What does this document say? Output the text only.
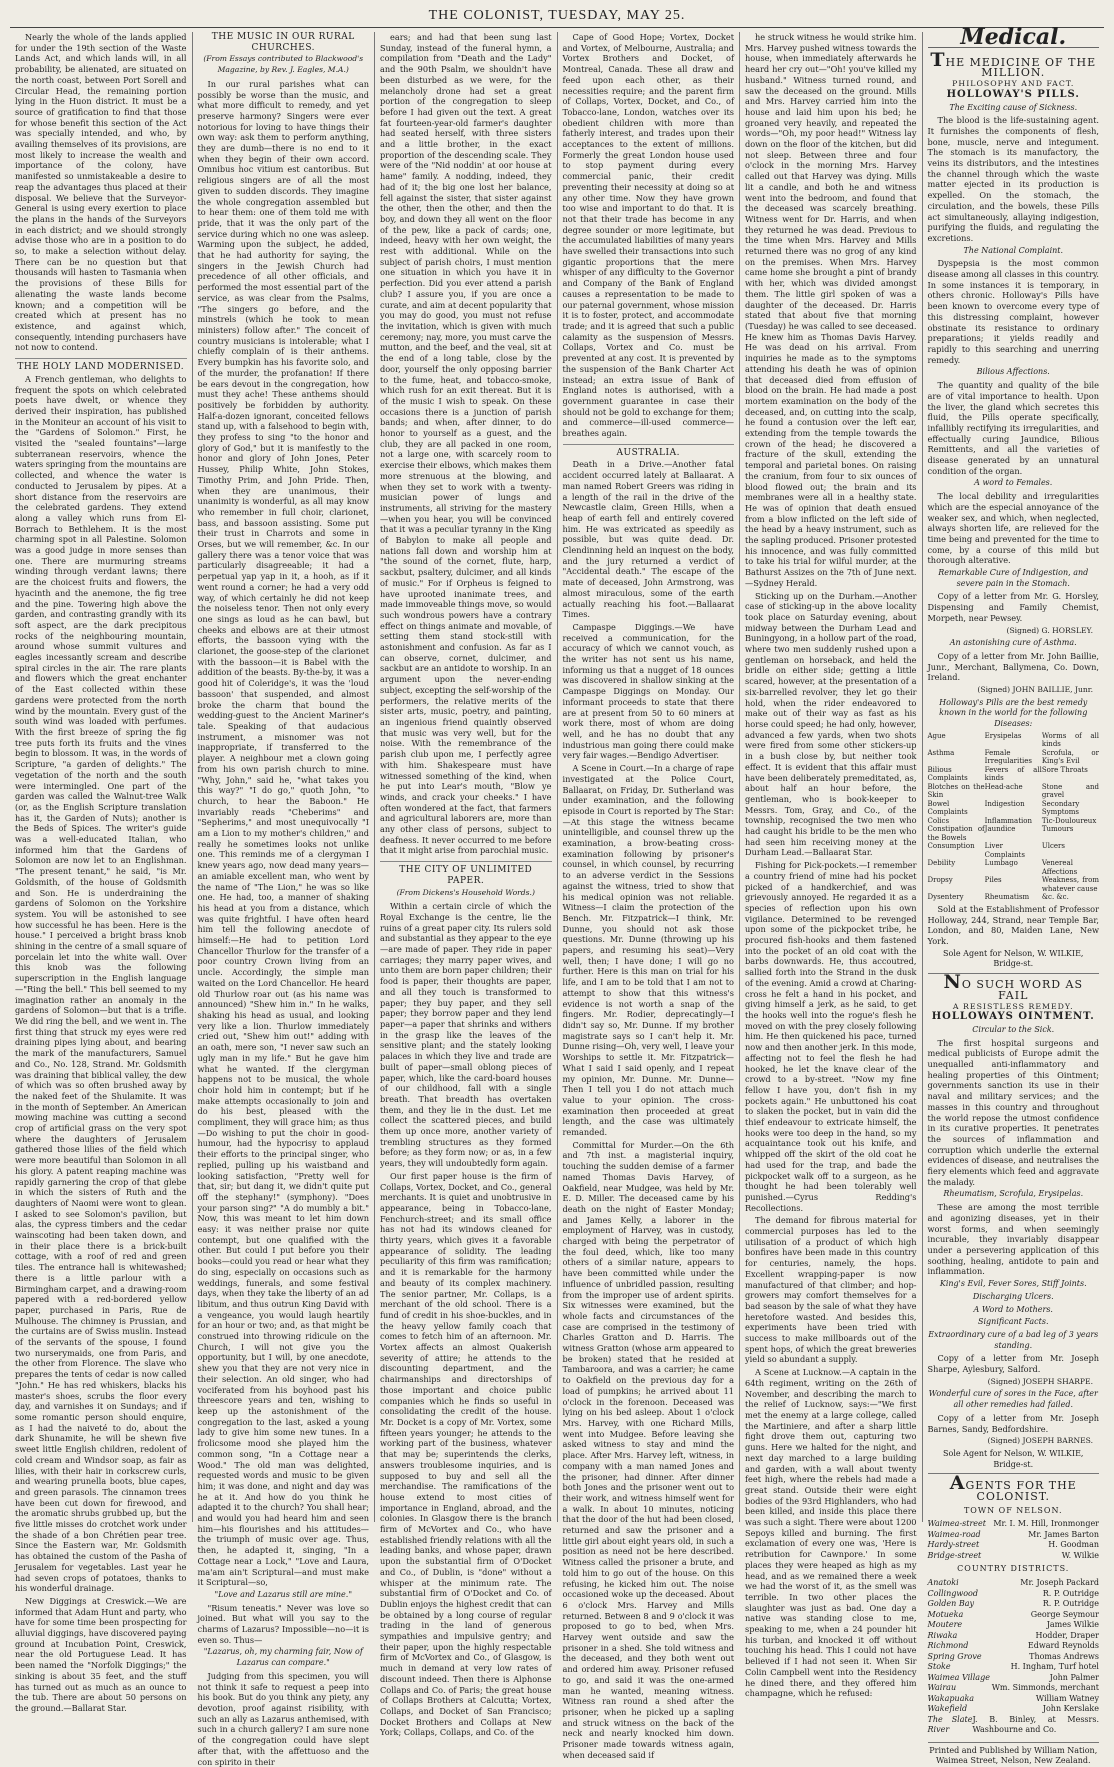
THE COLONIST, TUESDAY, MAY 25.

Nearly the whole of the lands applied for under the 19th section of the Waste Lands Act, and which lands will, in all probability, be alienated, are situated on the north coast, between Port Sorell and Circular Head, the remaining portion lying in the Huon district. It must be a source of gratification to find that those for whose benefit this section of the Act was specially intended, and who, by availing themselves of its provisions, are most likely to increase the wealth and importance of the colony, have manifested so unmistakeable a desire to reap the advantages thus placed at their disposal. We believe that the Surveyor-General is using every exertion to place the plans in the hands of the Surveyors in each district; and we should strongly advise those who are in a position to do so, to make a selection without delay. There can be no question but that thousands will hasten to Tasmania when the provisions of these Bills for alienating the waste lands become known; and a competition will be created which at present has no existence, and against which, consequently, intending purchasers have not now to contend.

THE HOLY LAND MODERNISED.

A French gentleman, who delights to frequent the spots on which celebrated poets have dwelt, or whence they derived their inspiration, has published in the Moniteur an account of his visit to the "Gardens of Solomon." First, he visited the "sealed fountains"—large subterranean reservoirs, whence the waters springing from the mountains are collected, and whence the water is conducted to Jerusalem by pipes. At a short distance from the reservoirs are the celebrated gardens. They extend along a valley which runs from El-Borrach to Bethlehem. It is the most charming spot in all Palestine. Solomon was a good judge in more senses than one. There are murmuring streams winding through verdant lawns; there are the choicest fruits and flowers, the hyacinth and the anemone, the fig tree and the pine. Towering high above the garden, and contrasting grandly with its soft aspect, are the dark precipitous rocks of the neighbouring mountain, around whose summit vultures and eagles incessantly scream and describe spiral circles in the air. The rare plants and flowers which the great enchanter of the East collected within these gardens were protected from the north wind by the mountain. Every gust of the south wind was loaded with perfumes. With the first breeze of spring the fig tree puts forth its fruits and the vines begin to blossom. It was, in the words of Scripture, "a garden of delights." The vegetation of the north and the south were intermingled. One part of the garden was called the Walnut-tree Walk (or, as the English Scripture translation has it, the Garden of Nuts); another is the Beds of Spices. The writer's guide was a well-educated Italian, who informed him that the Gardens of Solomon are now let to an Englishman. "The present tenant," he said, "is Mr. Goldsmith, of the house of Goldsmith and Son. He is underdraining the gardens of Solomon on the Yorkshire system. You will be astonished to see how successful he has been. Here is the house." I perceived a bright brass knob shining in the centre of a small square of porcelain let into the white wall. Over this knob was the following superscription in the English language—"Ring the bell." This bell seemed to my imagination rather an anomaly in the gardens of Solomon—but that is a trifle. We did ring the bell, and we went in. The first thing that struck my eyes were red draining pipes lying about, and bearing the mark of the manufacturers, Samuel and Co., No. 128, Strand. Mr. Goldsmith was draining that biblical valley, the dew of which was so often brushed away by the naked feet of the Shulamite. It was in the month of September. An American mowing machine was cutting a second crop of artificial grass on the very spot where the daughters of Jerusalem gathered those lilies of the field which were more beautiful than Solomon in all his glory. A patent reaping machine was rapidly garnering the crop of that glebe in which the sisters of Ruth and the daughters of Naomi were wont to glean. I asked to see Solomon's pavilion, but alas, the cypress timbers and the cedar wainscoting had been taken down, and in their place there is a brick-built cottage, with a roof of red and green tiles. The entrance hall is whitewashed; there is a little parlour with a Birmingham carpet, and a drawing-room papered with a red-bordered yellow paper, purchased in Paris, Rue de Mulhouse. The chimney is Prussian, and the curtains are of Swiss muslin. Instead of the servants of the spouse, I found two nurserymaids, one from Paris, and the other from Florence. The slave who prepares the tents of cedar is now called "John." He has red whiskers, blacks his master's shoes, scrubs the floor every day, and varnishes it on Sundays; and if some romantic person should enquire, as I had the naiveté to do, about the dark Shunamite, he will be shewn five sweet little English children, redolent of cold cream and Windsor soap, as fair as lilies, with their hair in corkscrew curls, and wearing prunella boots, blue capes, and green parasols. The cinnamon trees have been cut down for firewood, and the aromatic shrubs grubbed up, but the five little misses do crotchet work under the shade of a bon Chrétien pear tree. Since the Eastern war, Mr. Goldsmith has obtained the custom of the Pasha of Jerusalem for vegetables. Last year he had seven crops of potatoes, thanks to his wonderful drainage.

New Diggings at Creswick.—We are informed that Adam Hunt and party, who have for some time been prospecting for alluvial diggings, have discovered paying ground at Incubation Point, Creswick, near the old Portuguese Lead. It has been named the "Norfolk Diggings;" the sinking is about 35 feet, and the stuff has turned out as much as an ounce to the tub. There are about 50 persons on the ground.—Ballarat Star.

THE MUSIC IN OUR RURAL CHURCHES.
(From Essays contributed to Blackwood's Magazine, by Rev. J. Eagles, M.A.)

In our rural parishes what can possibly be worse than the music, and what more difficult to remedy, and yet preserve harmony? Singers were ever notorious for loving to have things their own way: ask them to perform anything, they are dumb—there is no end to it when they begin of their own accord. Omnibus hoc vitium est cantoribus. But religious singers are of all the most given to sudden discords. They imagine the whole congregation assembled but to hear them: one of them told me with pride, that it was the only part of the service during which no one was asleep. Warming upon the subject, he added, that he had authority for saying, the singers in the Jewish Church had precedence of all other officials, and performed the most essential part of the service, as was clear from the Psalms, "The singers go before, and the minstrels (which he took to mean ministers) follow after." The conceit of country musicians is intolerable; what I chiefly complain of is their anthems. Every bumpkin has his favorite solo, and of the murder, the profanation! If there be ears devout in the congregation, how must they ache! These anthems should positively be forbidden by authority. Half-a-dozen ignorant, conceited fellows stand up, with a falsehood to begin with, they profess to sing "to the honor and glory of God," but it is manifestly to the honor and glory of John Jones, Peter Hussey, Philip White, John Stokes, Timothy Prim, and John Pride. Then, when they are unanimous, their unanimity is wonderful, as all may know who remember in full choir, clarionet, bass, and bassoon assisting. Some put their trust in Charrots and some in Orses, but we will remember, &c. In our gallery there was a tenor voice that was particularly disagreeable; it had a perpetual yap yap in it, a hooh, as if it went round a corner; he had a very odd way, of which certainly he did not keep the noiseless tenor. Then not only every one sings as loud as he can bawl, but cheeks and elbows are at their utmost efforts, the bassoon vying with the clarionet, the goose-step of the clarionet with the bassoon—it is Babel with the addition of the beasts. By-the-by, it was a good hit of Coleridge's, it was the 'loud bassoon' that suspended, and almost broke the charm that bound the wedding-guest to the Ancient Mariner's tale. Speaking of that audacious instrument, a misnomer was not inappropriate, if transferred to the player. A neighbour met a clown going from his own parish church to mine. "Why, John," said he, "what takes you this way?" "I do go," quoth John, "to church, to hear the Baboon." He invariably reads "Cheberims" and "Sepherims," and most unequivocally "I am a Lion to my mother's children," and really he sometimes looks not unlike one. This reminds me of a clergyman I knew years ago, now dead many years—an amiable excellent man, who went by the name of "The Lion," he was so like one. He had, too, a manner of shaking his head at you from a distance, which was quite frightful. I have often heard him tell the following anecdote of himself:—He had to petition Lord Chancellor Thurlow for the transfer of a poor country Crown living from an uncle. Accordingly, the simple man waited on the Lord Chancellor. He heard old Thurlow roar out (as his name was announced) "Shew him in." In he walks, shaking his head as usual, and looking very like a lion. Thurlow immediately cried out, "Shew him out!" adding with an oath, mere son, "I never saw such an ugly man in my life." But he gave him what he wanted. If the clergyman happens not to be musical, the whole choir hold him in contempt; but if he make attempts occasionally to join and do his best, pleased with the compliment, they will grace him; as thus—Do wishing to put the choir in good-humour, had the hypocrisy to applaud their efforts to the principal singer, who replied, pulling up his waistband and looking satisfaction, "Pretty well for that, sir; but dang it, we didn't quite put off the stephany!" (symphony). "Does your parson sing?" "A do mumbly a bit." Now, this was meant to let him down easy: it was neither praise nor quite contempt, but one qualified with the other. But could I put before you their books—could you read or hear what they do sing, especially on occasions such as weddings, funerals, and some festival days, when they take the liberty of an ad libitum, and thus outrun King David with a vengeance, you would laugh heartily for an hour or two; and, as that might be construed into throwing ridicule on the Church, I will not give you the opportunity, but I will, by one anecdote, shew you that they are not very nice in their selection. An old singer, who had vociferated from his boyhood past his threescore years and ten, wishing to keep up the astonishment of the congregation to the last, asked a young lady to give him some new tunes. In a frolicsome mood she played him the common song, "In a Cottage near a Wood." The old man was delighted, requested words and music to be given him; it was done, and night and day was he at it. And how do you think he adapted it to the church? You shall hear; and would you had heard him and seen him—his flourishes and his attitudes—the triumph of music over age. Thus, then, he adapted it, singing, "In a Cottage near a Lock," "Love and Laura, ma'am ain't Scriptural—and must make it Scriptural—so,

"Love and Lazarus still are mine."

"Risum teneatis." Never was love so joined. But what will you say to the charms of Lazarus? Impossible—no—it is even so. Thus—

"Lazarus, oh, my charming fair, Now of Lazarus can compare."

Judging from this specimen, you will not think it safe to request a peep into his book. But do you think any piety, any devotion, proof against risibility, with such an ally as Lazarus anthemised, with such in a church gallery? I am sure none of the congregation could have slept after that, with the affettuoso and the con spirito in their

ears; and had that been sung last Sunday, instead of the funeral hymn, a compilation from "Death and the Lady" and the 90th Psalm, we shouldn't have been disturbed as we were, for the melancholy drone had set a great portion of the congregation to sleep before I had given out the text. A great fat fourteen-year-old farmer's daughter had seated herself, with three sisters and a little brother, in the exact proportion of the descending scale. They were of the "Nid noddin' at oor house at hame" family. A nodding, indeed, they had of it; the big one lost her balance, fell against the sister, that sister against the other, then the other, and then the boy, and down they all went on the floor of the pew, like a pack of cards; one, indeed, heavy with her own weight, the rest with additional. While on the subject of parish choirs, I must mention one situation in which you have it in perfection. Did you ever attend a parish club? I assure you, if you are once a curate, and aim at decent popularity that you may do good, you must not refuse the invitation, which is given with much ceremony; nay, more, you must carve the mutton, and the beef, and the veal, sit at the end of a long table, close by the door, yourself the only opposing barrier to the fume, heat, and tobacco-smoke, which rush for an exit thereat. But it is of the music I wish to speak. On these occasions there is a junction of parish bands; and when, after dinner, to do honor to yourself as a guest, and the club, they are all packed in one room, not a large one, with scarcely room to exercise their elbows, which makes them more strenuous at the blowing, and when they set to work with a twenty-musician power of lungs and instruments, all striving for the mastery—when you hear, you will be convinced that it was a peculiar tyranny in the King of Babylon to make all people and nations fall down and worship him at "the sound of the cornet, flute, harp, sackbut, psaltery, dulcimer, and all kinds of music." For if Orpheus is feigned to have uprooted inanimate trees, and made immoveable things move, so would such wondrous powers have a contrary effect on things animate and movable, of setting them stand stock-still with astonishment and confusion. As far as I can observe, cornet, dulcimer, and sackbut are an antidote to worship. In an argument upon the never-ending subject, excepting the self-worship of the performers, the relative merits of the sister arts, music, poetry, and painting, an ingenious friend quaintly observed that music was very well, but for the noise. With the remembrance of the parish club upon me, I perfectly agree with him. Shakespeare must have witnessed something of the kind, when he put into Lear's mouth, "Blow ye winds, and crack your cheeks." I have often wondered at the fact, that farmers and agricultural laborers are, more than any other class of persons, subject to deafness. It never occurred to me before that it might arise from parochial music.

THE CITY OF UNLIMITED PAPER.
(From Dickens's Household Words.)

Within a certain circle of which the Royal Exchange is the centre, lie the ruins of a great paper city. Its rulers sold and substantial as they appear to the eye—are made of paper. They ride in paper carriages; they marry paper wives, and unto them are born paper children; their food is paper, their thoughts are paper, and all they touch is transformed to paper; they buy paper, and they sell paper; they borrow paper and they lend paper—a paper that shrinks and withers in the grasp like the leaves of the sensitive plant; and the stately looking palaces in which they live and trade are built of paper—small oblong pieces of paper, which, like the card-board houses of our childhood, fall with a single breath. That breadth has overtaken them, and they lie in the dust. Let me collect the scattered pieces, and build them up once more, another variety of trembling structures as they formed before; as they form now; or as, in a few years, they will undoubtedly form again.

Our first paper house is the firm of Collaps, Vortex, Docket, and Co., general merchants. It is quiet and unobtrusive in appearance, being in Tobacco-lane, Fenchurch-street; and its small office has not had its windows cleaned for thirty years, which gives it a favorable appearance of solidity. The leading peculiarity of this firm was ramification; and it is remarkable for the harmony and beauty of its complex machinery. The senior partner, Mr. Collaps, is a merchant of the old school. There is a fund of credit in his shoe-buckles, and in the heavy yellow family coach that comes to fetch him of an afternoon. Mr. Vortex affects an almost Quakerish severity of attire; he attends to the discounting department, and the chairmanships and directorships of those important and choice public companies which he finds so useful in consolidating the credit of the house. Mr. Docket is a copy of Mr. Vortex, some fifteen years younger; he attends to the working part of the business, whatever that may be; superintends the clerks, answers troublesome inquiries, and is supposed to buy and sell all the merchandise. The ramifications of the house extend to most cities of importance in England, abroad, and the colonies. In Glasgow there is the branch firm of McVortex and Co., who have established friendly relations with all the leading banks, and whose paper, drawn upon the substantial firm of O'Docket and Co., of Dublin, is "done" without a whisper at the minimum rate. The substantial firm of O'Docket and Co. of Dublin enjoys the highest credit that can be obtained by a long course of regular trading in the land of generous sympathies and impulsive gentry; and their paper, upon the highly respectable firm of McVortex and Co., of Glasgow, is much in demand at very low rates of discount indeed. Then there is Alphonse Collaps and Co. of Paris; the great house of Collaps Brothers at Calcutta; Vortex, Collaps, and Docket of San Francisco; Docket Brothers and Collaps at New York; Collaps, Collaps, and Co. of the

Cape of Good Hope; Vortex, Docket and Vortex, of Melbourne, Australia; and Vortex Brothers and Docket, of Montreal, Canada. These all draw and feed upon each other, as their necessities require; and the parent firm of Collaps, Vortex, Docket, and Co., of Tobacco-lane, London, watches over its obedient children with more than fatherly interest, and trades upon their acceptances to the extent of millions. Formerly the great London house used to stop payment during every commercial panic, their credit preventing their necessity at doing so at any other time. Now they have grown too wise and important to do that. It is not that their trade has become in any degree sounder or more legitimate, but the accumulated liabilities of many years have swelled their transactions into such gigantic proportions that the mere whisper of any difficulty to the Governor and Company of the Bank of England causes a representation to be made to our paternal government, whose mission it is to foster, protect, and accommodate trade; and it is agreed that such a public calamity as the suspension of Messrs. Collaps, Vortex and Co. must be prevented at any cost. It is prevented by the suspension of the Bank Charter Act instead; an extra issue of Bank of England notes is authorised, with a government guarantee in case their should not be gold to exchange for them; and commerce—ill-used commerce—breathes again.

AUSTRALIA.

Death in a Drive.—Another fatal accident occurred lately at Ballaarat. A man named Robert Greers was riding in a length of the rail in the drive of the Newcastle claim, Green Hills, when a heap of earth fell and entirely covered him. He was extricated as speedily as possible, but was quite dead. Dr. Clendinning held an inquest on the body, and the jury returned a verdict of "Accidental death." The escape of the mate of deceased, John Armstrong, was almost miraculous, some of the earth actually reaching his foot.—Ballaarat Times.

Campaspe Diggings.—We have received a communication, for the accuracy of which we cannot vouch, as the writer has not sent us his name, informing us that a nugget of 18 ounces was discovered in shallow sinking at the Campaspe Diggings on Monday. Our informant proceeds to state that there are at present from 50 to 60 miners at work there, most of whom are doing well, and he has no doubt that any industrious man going there could make very fair wages.—Bendigo Advertiser.

A Scene in Court.—In a charge of rape investigated at the Police Court, Ballaarat, on Friday, Dr. Sutherland was under examination, and the following episode in Court is reported by The Star:—At this stage the witness became unintelligible, and counsel threw up the examination, a brow-beating cross-examination following by prisoner's counsel, in which counsel, by recurring to an adverse verdict in the Sessions against the witness, tried to show that his medical opinion was not reliable. Witness—I claim the protection of the Bench. Mr. Fitzpatrick—I think, Mr. Dunne, you should not ask those questions. Mr. Dunne (throwing up his papers, and resuming his seat)—Very well, then; I have done; I will go no further. Here is this man on trial for his life, and I am to be told that I am not to attempt to show that this witness's evidence is not worth a snap of the fingers. Mr. Rodier, deprecatingly—I didn't say so, Mr. Dunne. If my brother magistrate says so I can't help it. Mr. Dunne rising—Oh, very well, I leave your Worships to settle it. Mr. Fitzpatrick—What I said I said openly, and I repeat my opinion, Mr. Dunne. Mr. Dunne—Then I tell you I do not attach much value to your opinion. The cross-examination then proceeded at great length, and the case was ultimately remanded.

Committal for Murder.—On the 6th and 7th inst. a magisterial inquiry, touching the sudden demise of a farmer named Thomas Davis Harvey, of Oakfield, near Mudgee, was held by Mr. E. D. Miller. The deceased came by his death on the night of Easter Monday; and James Kelly, a laborer in the employment of Harvey, was in custody, charged with being the perpetrator of the foul deed, which, like too many others of a similar nature, appears to have been committed while under the influence of unbridled passion, resulting from the improper use of ardent spirits. Six witnesses were examined, but the whole facts and circumstances of the case are comprised in the testimony of Charles Gratton and D. Harris. The witness Gratton (whose arm appeared to be broken) stated that he resided at Tambaroora, and was a carrier; he came to Oakfield on the previous day for a load of pumpkins; he arrived about 11 o'clock in the forenoon. Deceased was lying on his bed asleep. About 1 o'clock Mrs. Harvey, with one Richard Mills, went into Mudgee. Before leaving she asked witness to stay and mind the place. After Mrs. Harvey left, witness, in company with a man named Jones and the prisoner, had dinner. After dinner both Jones and the prisoner went out to their work, and witness himself went for a walk. In about 10 minutes, noticing that the door of the hut had been closed, returned and saw the prisoner and a little girl about eight years old, in such a position as need not be here described. Witness called the prisoner a brute, and told him to go out of the house. On this refusing, he kicked him out. The noise occasioned woke up the deceased. About 6 o'clock Mrs. Harvey and Mills returned. Between 8 and 9 o'clock it was proposed to go to bed, when Mrs. Harvey went outside and saw the prisoner in a shed. She told witness and the deceased, and they both went out and ordered him away. Prisoner refused to go, and said it was the one-armed man he wanted, meaning witness. Witness ran round a shed after the prisoner, when he picked up a sapling and struck witness on the back of the neck and nearly knocked him down. Prisoner made towards witness again, when deceased said if

he struck witness he would strike him. Mrs. Harvey pushed witness towards the house, when immediately afterwards he heard her cry out—"Oh! you've killed my husband." Witness turned round, and saw the deceased on the ground. Mills and Mrs. Harvey carried him into the house and laid him upon his bed; he groaned very heavily, and repeated the words—"Oh, my poor head!" Witness lay down on the floor of the kitchen, but did not sleep. Between three and four o'clock in the morning Mrs. Harvey called out that Harvey was dying. Mills lit a candle, and both he and witness went into the bedroom, and found that the deceased was scarcely breathing. Witness went for Dr. Harris, and when they returned he was dead. Previous to the time when Mrs. Harvey and Mills returned there was no grog of any kind on the premises. When Mrs. Harvey came home she brought a pint of brandy with her, which was divided amongst them. The little girl spoken of was a daughter of the deceased. Dr. Harris stated that about five that morning (Tuesday) he was called to see deceased. He knew him as Thomas Davis Harvey. He was dead on his arrival. From inquiries he made as to the symptoms attending his death he was of opinion that deceased died from effusion of blood on the brain. He had made a post mortem examination on the body of the deceased, and, on cutting into the scalp, he found a contusion over the left ear, extending from the temple towards the crown of the head; he discovered a fracture of the skull, extending the temporal and parietal bones. On raising the cranium, from four to six ounces of blood flowed out; the brain and its membranes were all in a healthy state. He was of opinion that death ensued from a blow inflicted on the left side of the head by a heavy instrument, such as the sapling produced. Prisoner protested his innocence, and was fully committed to take his trial for wilful murder, at the Bathurst Assizes on the 7th of June next.—Sydney Herald.

Sticking up on the Durham.—Another case of sticking-up in the above locality took place on Saturday evening, about midway between the Durham Lead and Buningyong, in a hollow part of the road, where two men suddenly rushed upon a gentleman on horseback, and held the bridle on either side; getting a little scared, however, at the presentation of a six-barrelled revolver, they let go their hold, when the rider endeavored to make out of their way as fast as his horse could speed; he had only, however, advanced a few yards, when two shots were fired from some other stickers-up in a bush close by, but neither took effect. It is evident that this affair must have been deliberately premeditated, as, about half an hour before, the gentleman, who is book-keeper to Messrs. Tom, Gray, and Co., of the township, recognised the two men who had caught his bridle to be the men who had seen him receiving money at the Durham Lead.—Ballaarat Star.

Fishing for Pick-pockets.—I remember a country friend of mine had his pocket picked of a handkerchief, and was grievously annoyed. He regarded it as a species of reflection upon his own vigilance. Determined to be revenged upon some of the pickpocket tribe, he procured fish-hooks and them fastened into the pocket of an old coat with the barbs downwards. He, thus accoutred, sallied forth into the Strand in the dusk of the evening. Amid a crowd at Charing-cross he felt a hand in his pocket, and giving himself a jerk, as he said, to get the hooks well into the rogue's flesh he moved on with the prey closely following him. He then quickened his pace, turned now and then another jerk. In this mode, affecting not to feel the flesh he had hooked, he let the knave clear of the crowd to a by-street. "Now my fine fellow I have you, don't fish in my pockets again." He unbuttoned his coat to slaken the pocket, but in vain did the thief endeavour to extricate himself, the hooks were too deep in the hand, so my acquaintance took out his knife, and whipped off the skirt of the old coat he had used for the trap, and bade the pickpocket walk off to a surgeon, as he thought he had been tolerably well punished.—Cyrus Redding's Recollections.

The demand for fibrous material for commercial purposes has led to the utilisation of a product of which high bonfires have been made in this country for centuries, namely, the hops. Excellent wrapping-paper is now manufactured of that climber; and hop-growers may comfort themselves for a bad season by the sale of what they have heretofore wasted. And besides this, experiments have been tried with success to make millboards out of the spent hops, of which the great breweries yield so abundant a supply.

A Scene at Lucknow.—A captain in the 64th regiment, writing on the 26th of November, and describing the march to the relief of Lucknow, says:—"We first met the enemy at a large college, called the Martiniere, and after a sharp little fight drove them out, capturing two guns. Here we halted for the night, and next day marched to a large building and garden, with a wall about twenty feet high, where the rebels had made a great stand. Outside their were eight bodies of the 93rd Highlanders, who had been killed, and inside this place there was such a sight. There were about 1200 Sepoys killed and burning. The first exclamation of every one was, 'Here is retribution for Cawnpore.' In some places they were heaped as high as my head, and as we remained there a week we had the worst of it, as the smell was terrible. In two other places the slaughter was just as bad. One day a native was standing close to me, speaking to me, when a 24 pounder hit his turban, and knocked it off without touching his head. This I could not have believed if I had not seen it. When Sir Colin Campbell went into the Residency he dined there, and they offered him champagne, which he refused:

Medical.
THE MEDICINE OF THE MILLION.
PHILOSOPHY AND FACT.
HOLLOWAY'S PILLS.
The Exciting cause of Sickness.

The blood is the life-sustaining agent. It furnishes the components of flesh, bone, muscle, nerve and integument. The stomach is its manufactory, the veins its distributors, and the intestines the channel through which the waste matter ejected in its production is expelled. On the stomach, the circulation, and the bowels, these Pills act simultaneously, allaying indigestion, purifying the fluids, and regulating the excretions.

The National Complaint.

Dyspepsia is the most common disease among all classes in this country. In some instances it is temporary, in others chronic. Holloway's Pills have been known to overcome every type of this distressing complaint, however obstinate its resistance to ordinary preparations; it yields readily and rapidly to this searching and unerring remedy.

Bilious Affections.

The quantity and quality of the bile are of vital importance to health. Upon the liver, the gland which secretes this fluid, the Pills operate specifically, infallibly rectifying its irregularities, and effectually curing Jaundice, Bilious Remittents, and all the varieties of disease generated by an unnatural condition of the organ.

A word to Females.

The local debility and irregularities which are the especial annoyance of the weaker sex, and which, when neglected, always shorten life, are relieved for the time being and prevented for the time to come, by a course of this mild but thorough alterative.

Remarkable Cure of Indigestion, and severe pain in the Stomach.

Copy of a letter from Mr. G. Horsley, Dispensing and Family Chemist, Morpeth, near Pewsey.

(Signed) G. HORSLEY.
An astonishing cure of Asthma.

Copy of a letter from Mr. John Baillie, Junr., Merchant, Ballymena, Co. Down, Ireland.

(Signed) JOHN BAILLIE, Junr.
Holloway's Pills are the best remedy known in the world for the following Diseases:
Ague	Erysipelas	Worms of all kinds
Asthma	Female Irregularities
Scrofula, or King's Evil
Bilious Complaints
Fevers of all kinds
Sore Throats
Blotches on the Skin
Head-ache	Stone and gravel
Bowel Complaints
Indigestion	Secondary Symptoms
Colics	Inflammation	Tic-Douloureux
Constipation of the Bowels
Jaundice	Tumours
Consumption	Liver Complaints
Ulcers
Debility	Lumbago	Venereal Affections
Dropsy	Piles	Weakness, from whatever cause
Dysentery	Rheumatism	&c. &c.

Sold at the Establishment of Professor Holloway, 244, Strand, near Temple Bar, London, and 80, Maiden Lane, New York.

Sole Agent for Nelson, W. WILKIE, Bridge-st.
NO SUCH WORD AS FAIL
A RESISTLESS REMEDY.
HOLLOWAYS OINTMENT.
Circular to the Sick.

The first hospital surgeons and medical publicists of Europe admit the unequalled anti-inflammatory and healing properties of this Ointment; governments sanction its use in their naval and military services; and the masses in this country and throughout the world repose the utmost confidence in its curative properties. It penetrates the sources of inflammation and corruption which underlie the external evidences of disease, and neutralises the fiery elements which feed and aggravate the malady.

Rheumatism, Scrofula, Erysipelas.

These are among the most terrible and agonizing diseases, yet in their worst forms, and when seemingly incurable, they invariably disappear under a persevering application of this soothing, healing, antidote to pain and inflammation.

King's Evil, Fever Sores, Stiff Joints.
Discharging Ulcers.
A Word to Mothers.
Significant Facts.
Extraordinary cure of a bad leg of 3 years standing.

Copy of a letter from Mr. Joseph Sharpe, Aylesbury, Salford.

(Signed) JOSEPH SHARPE.
Wonderful cure of sores in the Face, after all other remedies had failed.

Copy of a letter from Mr. Joseph Barnes, Sandy, Bedfordshire.

(Signed) JOSEPH BARNES.
Sole Agent for Nelson, W. WILKIE, Bridge-st.
AGENTS FOR THE COLONIST.
TOWN OF NELSON.
Waimea-street Mr. I. M. Hill, Ironmonger
Waimea-road	Mr. James Barton
Hardy-street	H. Goodman
Bridge-street	W. Wilkie
COUNTRY DISTRICTS.
Anatoki	Mr. Joseph Packard
Collingwood	R. P. Outridge
Golden Bay	R. P. Outridge
Motueka	George Seymour
Moutere	James Wilkie
Riwaka	Hodder, Draper
Richmond	Edward Reynolds
Spring Grove	Thomas Andrews
Stoke	H. Ingham, Turf hotel
Waimea Village	John Palmer
Wairau	Wm. Simmonds, merchant
Wakapuaka	William Watney
Wakefield	John Kerslake
The Slate River
J. B. Binley, at Messrs. Washbourne and Co.
Printed and Published by William Nation, Waimea Street, Nelson, New Zealand.
